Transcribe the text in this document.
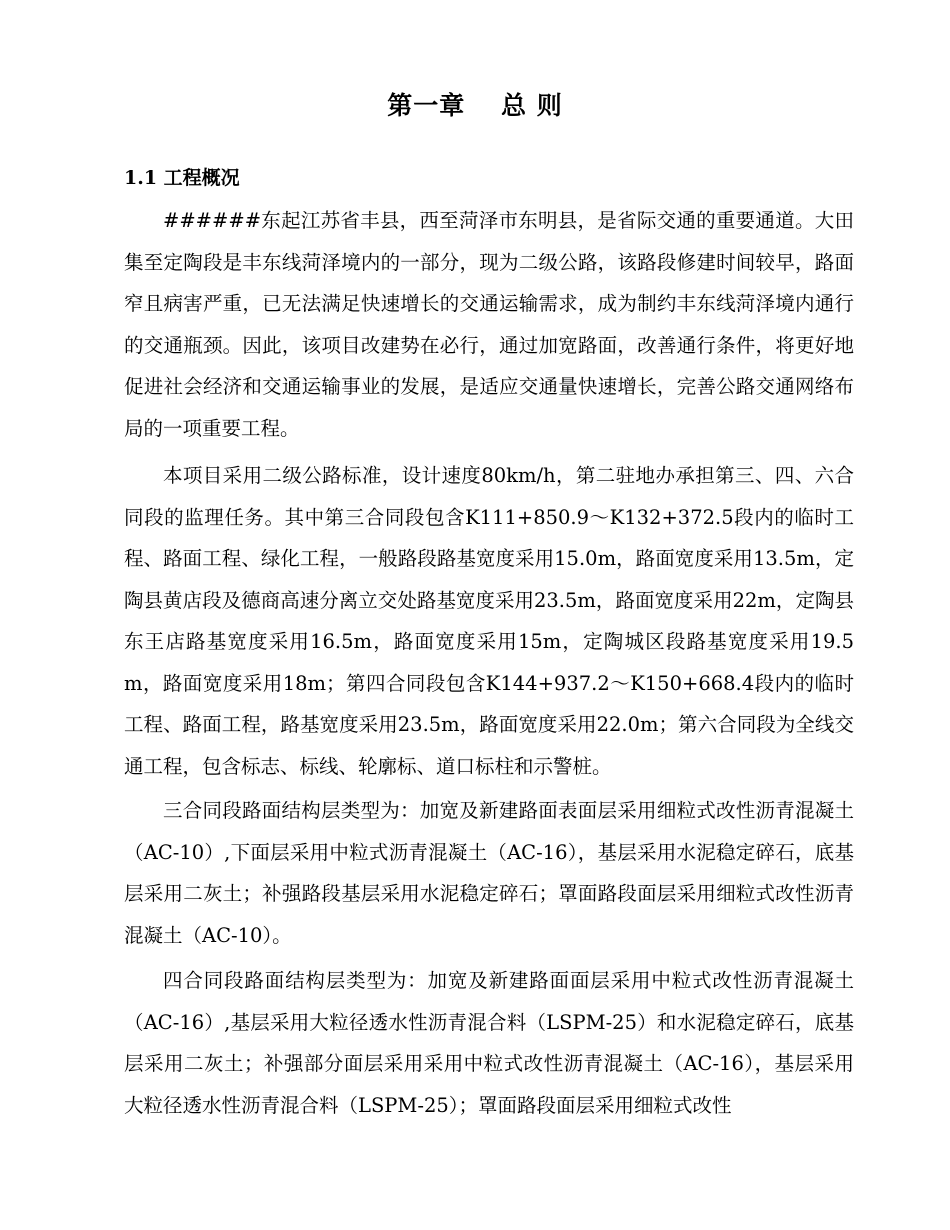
第一章　 总 则
1.1 工程概况

######东起江苏省丰县，西至菏泽市东明县，是省际交通的重要通道。大田集至定陶段是丰东线菏泽境内的一部分，现为二级公路，该路段修建时间较早，路面窄且病害严重，已无法满足快速增长的交通运输需求，成为制约丰东线菏泽境内通行的交通瓶颈。因此，该项目改建势在必行，通过加宽路面，改善通行条件，将更好地促进社会经济和交通运输事业的发展，是适应交通量快速增长，完善公路交通网络布局的一项重要工程。

本项目采用二级公路标准，设计速度80km/h，第二驻地办承担第三、四、六合同段的监理任务。其中第三合同段包含K111+850.9～K132+372.5段内的临时工程、路面工程、绿化工程，一般路段路基宽度采用15.0m，路面宽度采用13.5m，定陶县黄店段及德商高速分离立交处路基宽度采用23.5m，路面宽度采用22m，定陶县东王店路基宽度采用16.5m，路面宽度采用15m，定陶城区段路基宽度采用19.5m，路面宽度采用18m；第四合同段包含K144+937.2～K150+668.4段内的临时工程、路面工程，路基宽度采用23.5m，路面宽度采用22.0m；第六合同段为全线交通工程，包含标志、标线、轮廓标、道口标柱和示警桩。

三合同段路面结构层类型为：加宽及新建路面表面层采用细粒式改性沥青混凝土（AC-10）,下面层采用中粒式沥青混凝土（AC-16），基层采用水泥稳定碎石，底基层采用二灰土；补强路段基层采用水泥稳定碎石；罩面路段面层采用细粒式改性沥青混凝土（AC-10）。

四合同段路面结构层类型为：加宽及新建路面面层采用中粒式改性沥青混凝土（AC-16）,基层采用大粒径透水性沥青混合料（LSPM-25）和水泥稳定碎石，底基层采用二灰土；补强部分面层采用采用中粒式改性沥青混凝土（AC-16），基层采用大粒径透水性沥青混合料（LSPM-25）；罩面路段面层采用细粒式改性
